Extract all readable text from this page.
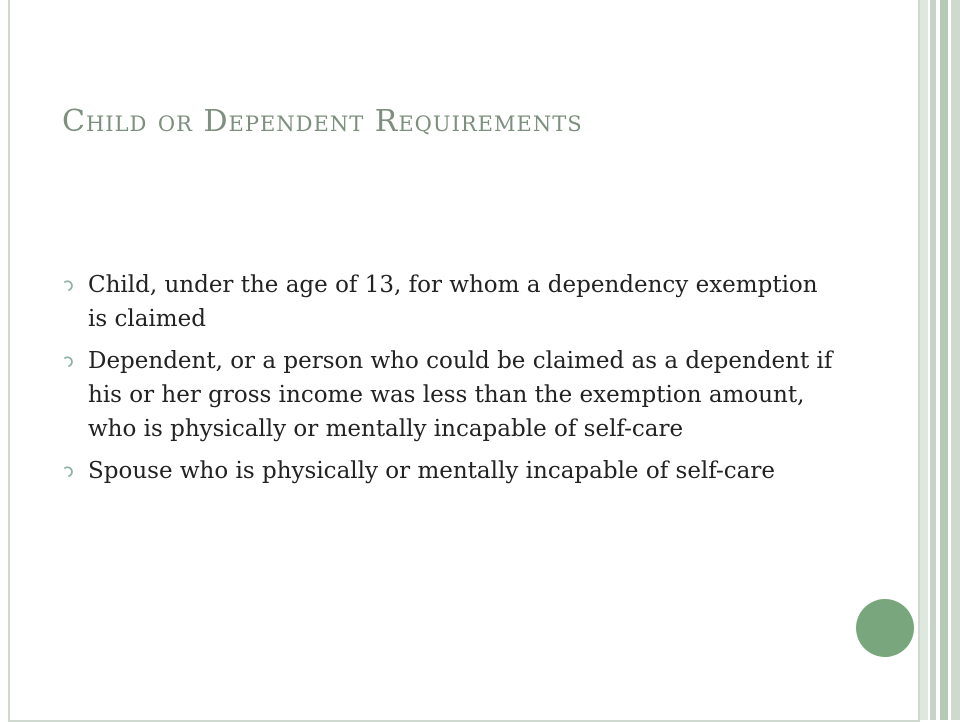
Child or Dependent Requirements
Child, under the age of 13, for whom a dependency exemption is claimed
Dependent, or a person who could be claimed as a dependent if his or her gross income was less than the exemption amount, who is physically or mentally incapable of self-care
Spouse who is physically or mentally incapable of self-care
